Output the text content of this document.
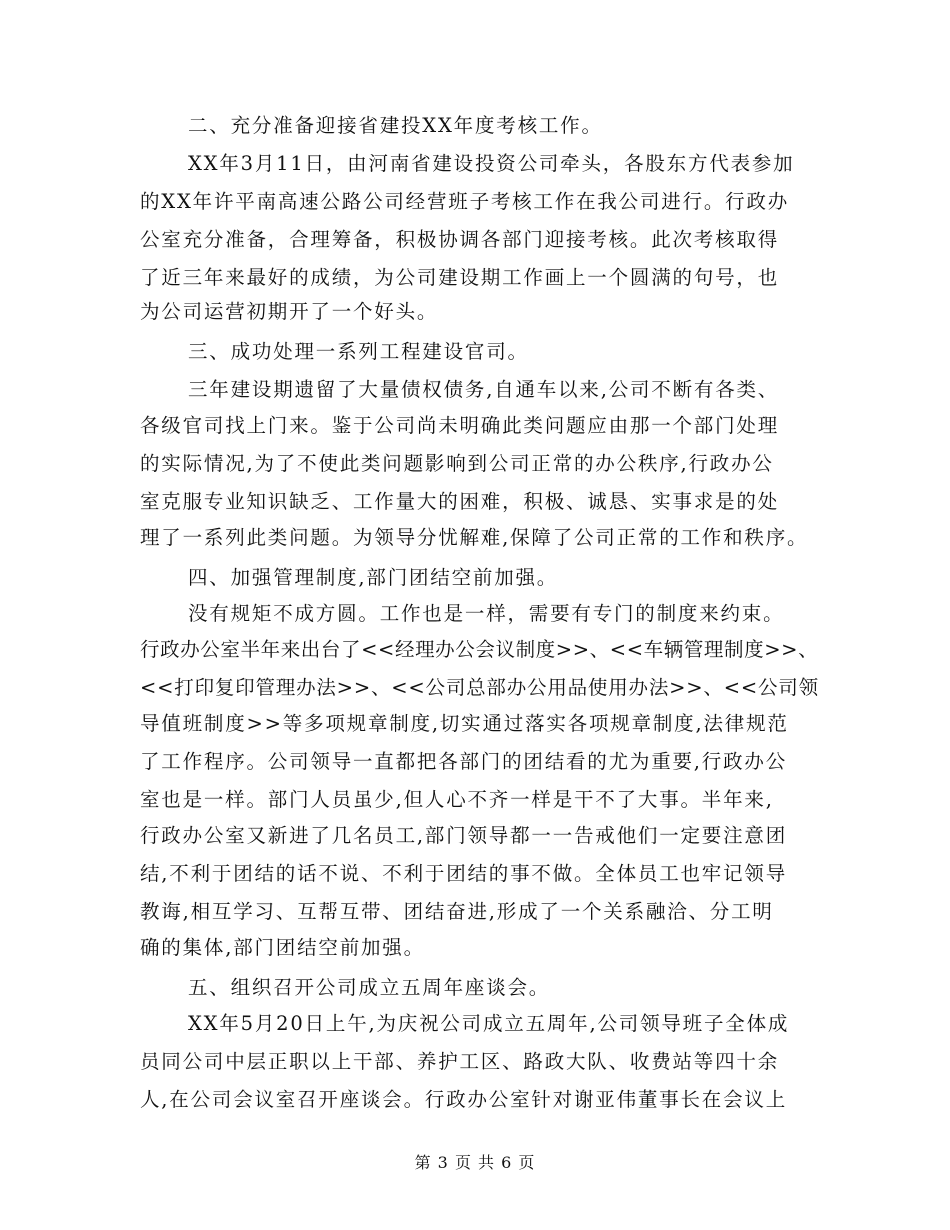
二、充分准备迎接省建投XX年度考核工作。
XX年3月11日，由河南省建设投资公司牵头，各股东方代表参加
的XX年许平南高速公路公司经营班子考核工作在我公司进行。行政办
公室充分准备，合理筹备，积极协调各部门迎接考核。此次考核取得
了近三年来最好的成绩，为公司建设期工作画上一个圆满的句号，也
为公司运营初期开了一个好头。
三、成功处理一系列工程建设官司。
三年建设期遗留了大量债权债务,自通车以来,公司不断有各类、
各级官司找上门来。鉴于公司尚未明确此类问题应由那一个部门处理
的实际情况,为了不使此类问题影响到公司正常的办公秩序,行政办公
室克服专业知识缺乏、工作量大的困难，积极、诚恳、实事求是的处
理了一系列此类问题。为领导分忧解难,保障了公司正常的工作和秩序。
四、加强管理制度,部门团结空前加强。
没有规矩不成方圆。工作也是一样，需要有专门的制度来约束。
行政办公室半年来出台了<<经理办公会议制度>>、<<车辆管理制度>>、
<<打印复印管理办法>>、<<公司总部办公用品使用办法>>、<<公司领
导值班制度>>等多项规章制度,切实通过落实各项规章制度,法律规范
了工作程序。公司领导一直都把各部门的团结看的尤为重要,行政办公
室也是一样。部门人员虽少,但人心不齐一样是干不了大事。半年来,
行政办公室又新进了几名员工,部门领导都一一告戒他们一定要注意团
结,不利于团结的话不说、不利于团结的事不做。全体员工也牢记领导
教诲,相互学习、互帮互带、团结奋进,形成了一个关系融洽、分工明
确的集体,部门团结空前加强。
五、组织召开公司成立五周年座谈会。
XX年5月20日上午,为庆祝公司成立五周年,公司领导班子全体成
员同公司中层正职以上干部、养护工区、路政大队、收费站等四十余
人,在公司会议室召开座谈会。行政办公室针对谢亚伟董事长在会议上
第 3 页 共 6 页
